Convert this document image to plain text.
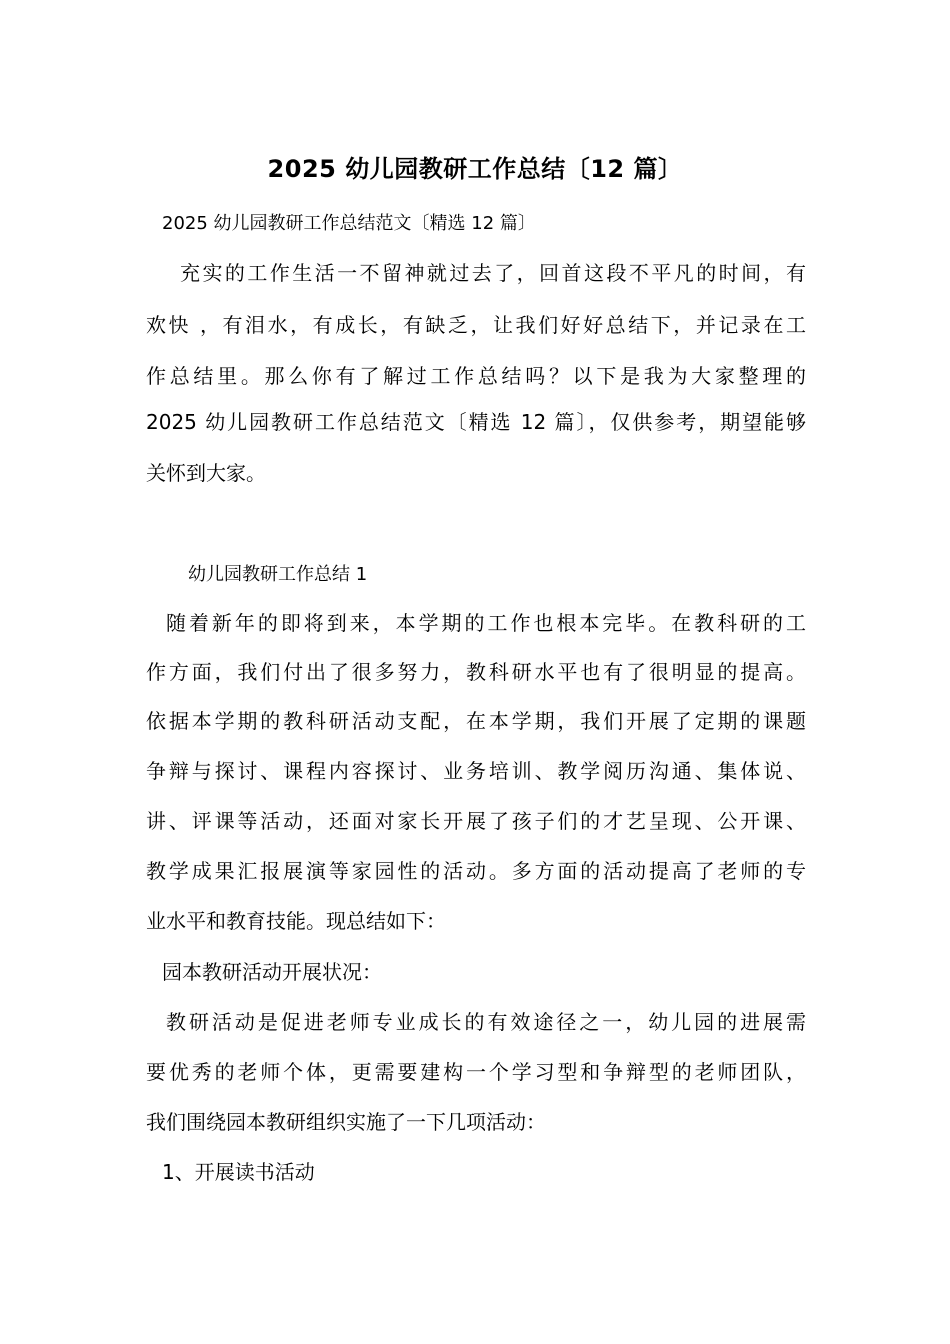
2025 幼儿园教研工作总结〔12 篇〕

2025 幼儿园教研工作总结范文〔精选 12 篇〕

充实的工作生活一不留神就过去了，回首这段不平凡的时间，有

欢快 ，有泪水，有成长，有缺乏，让我们好好总结下，并记录在工

作总结里。那么你有了解过工作总结吗？以下是我为大家整理的

2025 幼儿园教研工作总结范文〔精选 12 篇〕，仅供参考，期望能够

关怀到大家。

幼儿园教研工作总结 1

随着新年的即将到来，本学期的工作也根本完毕。在教科研的工

作方面，我们付出了很多努力，教科研水平也有了很明显的提高。

依据本学期的教科研活动支配，在本学期，我们开展了定期的课题

争辩与探讨、课程内容探讨、业务培训、教学阅历沟通、集体说、

讲、评课等活动，还面对家长开展了孩子们的才艺呈现、公开课、

教学成果汇报展演等家园性的活动。多方面的活动提高了老师的专

业水平和教育技能。现总结如下：

园本教研活动开展状况：

教研活动是促进老师专业成长的有效途径之一，幼儿园的进展需

要优秀的老师个体，更需要建构一个学习型和争辩型的老师团队，

我们围绕园本教研组织实施了一下几项活动：

1、开展读书活动
